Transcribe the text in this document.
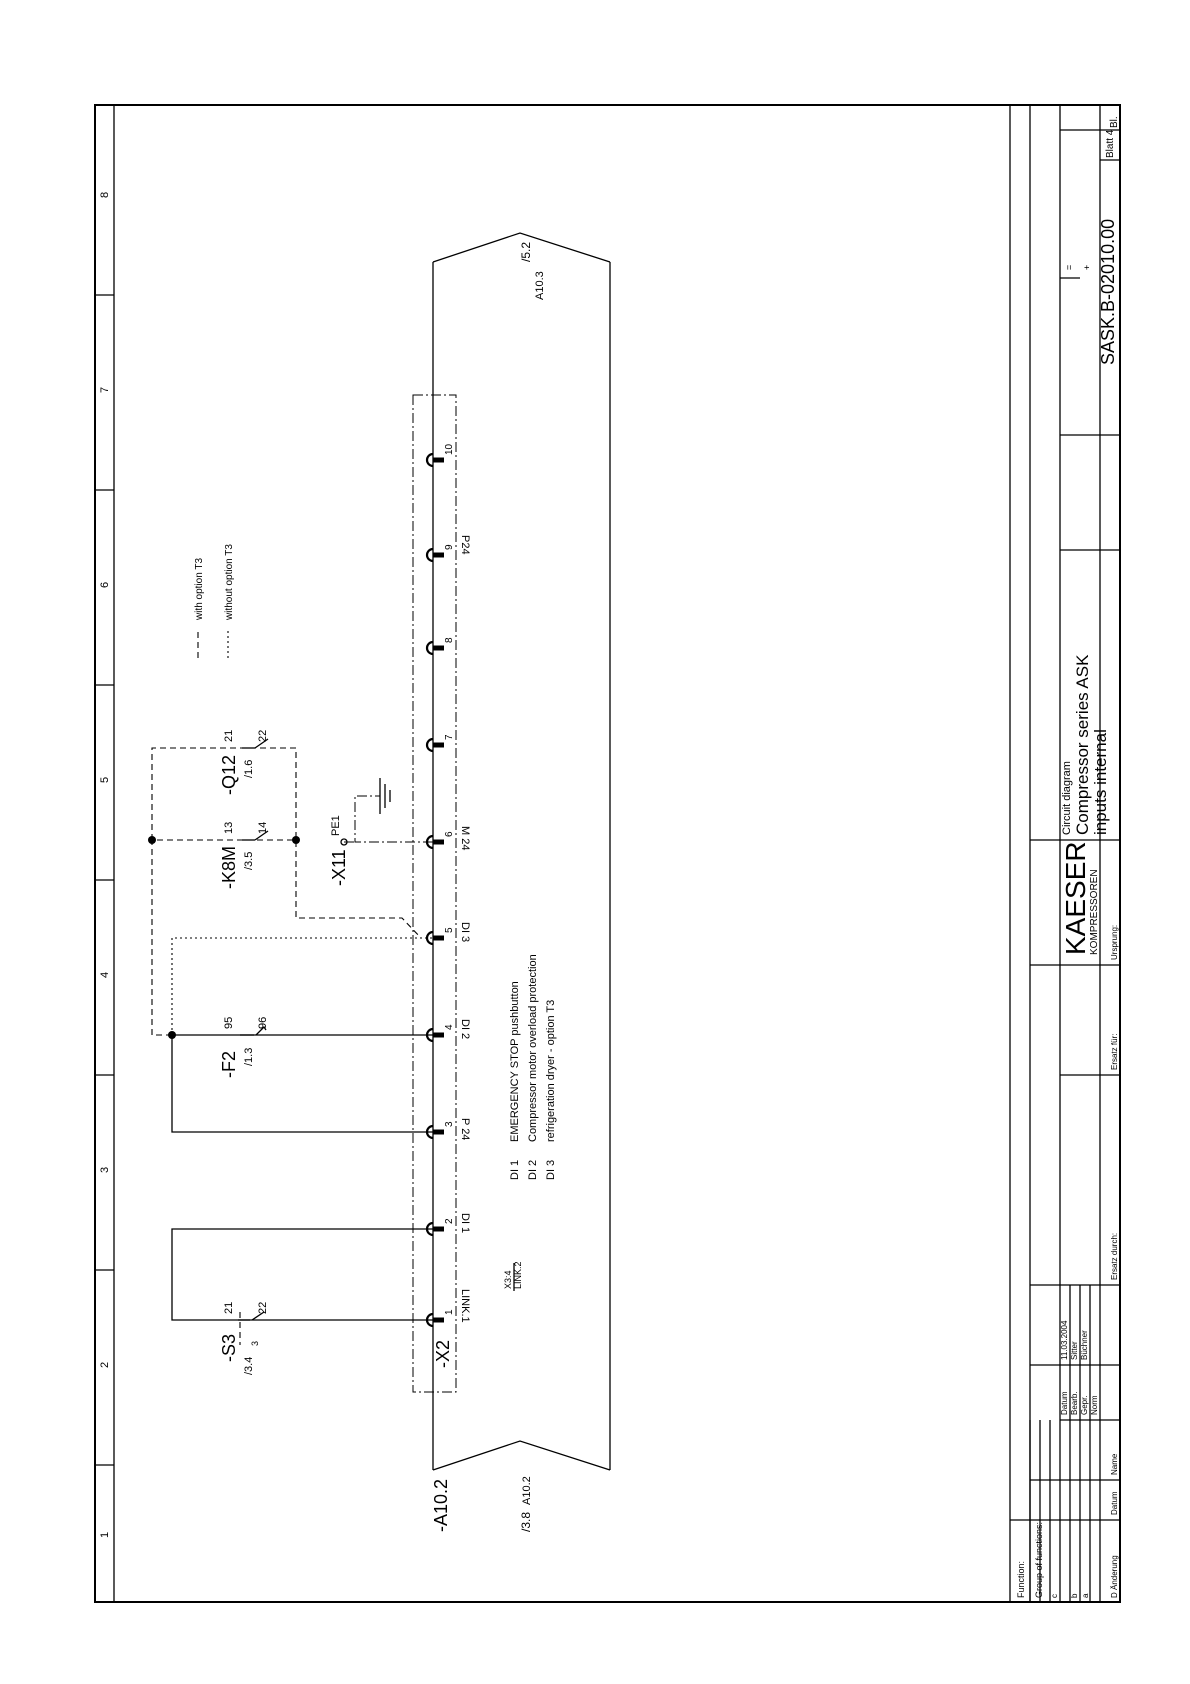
1
2
3
4
5
6
7
8
1
2
3
4
5
6
7
8
9
10
-A10.2	/3.8
A10.2
A10.3
/5.2
-X2
-X11
PE1
-S3
/3.4
3
21 22
-F2 /1.3
95 96
-K8M /3.5
13 14
-Q12 /1.6
21 22
LINK.1
DI 1
P 24
DI 2
DI 3
M 24
P24
X3:4 LINK.2
with option T3 without option T3
DI 1
EMERGENCY STOP pushbutton
DI 2
Compressor motor overload protection
DI 3
refrigeration dryer - option T3
Function: Group of functions: c b a	D Änderung
Datum
Name
Datum
11.03.2004
Bearb.
Sitter
Gepr.
Büchner
Norm
Ersatz durch:
Ersatz für:
Ursprung:
KAESER
KOMPRESSOREN
Circuit diagram Compressor series ASK inputs internal
= + SASK.B-02010.00
Blatt 4
Bl.
